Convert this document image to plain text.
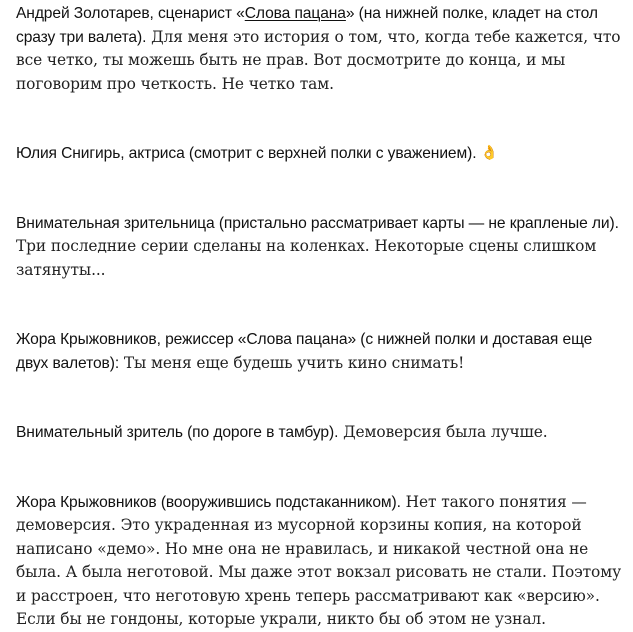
Андрей Золотарев, сценарист «Слова пацана» (на нижней полке, кладет на стол сразу три валета). Для меня это история о том, что, когда тебе кажется, что все четко, ты можешь быть не прав. Вот досмотрите до конца, и мы поговорим про четкость. Не четко там.

Юлия Снигирь, актриса (смотрит с верхней полки с уважением). 👌

Внимательная зрительница (пристально рассматривает карты — не крапленые ли). Три последние серии сделаны на коленках. Некоторые сцены слишком затянуты...

Жора Крыжовников, режиссер «Слова пацана» (с нижней полки и доставая еще двух валетов): Ты меня еще будешь учить кино снимать!

Внимательный зритель (по дороге в тамбур). Демоверсия была лучше.

Жора Крыжовников (вооружившись подстаканником). Нет такого понятия — демоверсия. Это украденная из мусорной корзины копия, на которой написано «демо». Но мне она не нравилась, и никакой честной она не была. А была неготовой. Мы даже этот вокзал рисовать не стали. Поэтому и расстроен, что неготовую хрень теперь рассматривают как «версию». Если бы не гондоны, которые украли, никто бы об этом не узнал.
